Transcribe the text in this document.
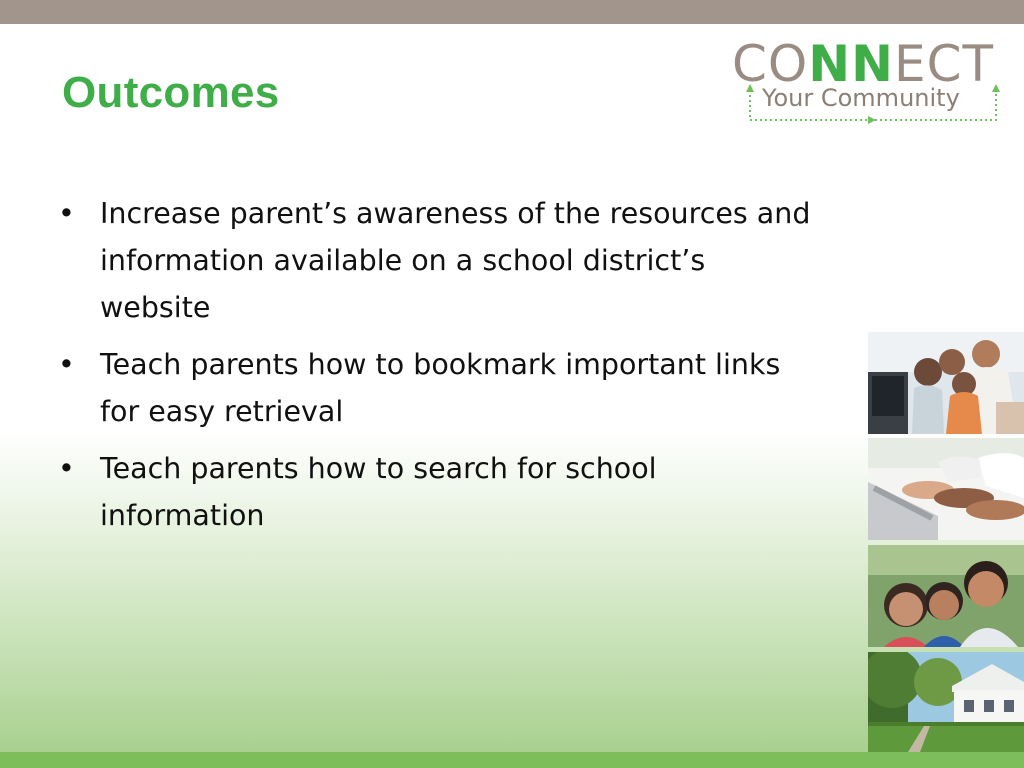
Outcomes	CONNECT
Your Community
• Increase parent’s awareness of the resources and information available on a school district’s website
• Teach parents how to bookmark important links for easy retrieval
• Teach parents how to search for school information
